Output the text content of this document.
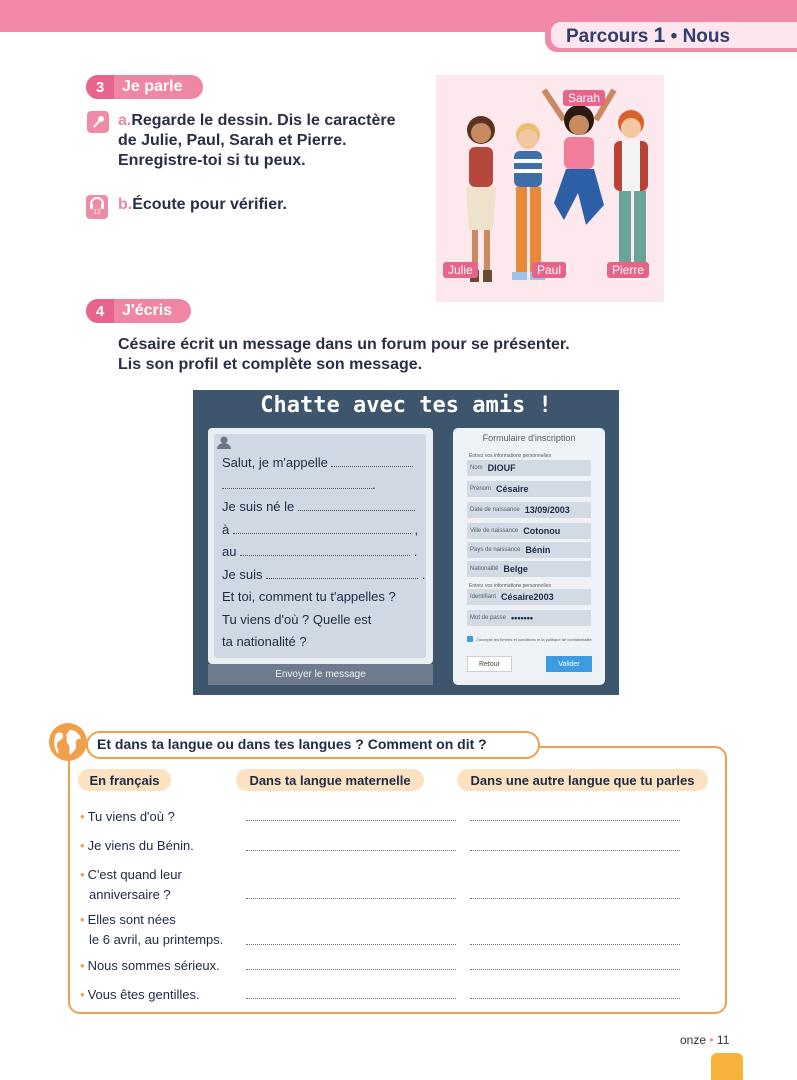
Parcours 1 • Nous
3	Je parle
a.Regarde le dessin. Dis le caractère
de Julie, Paul, Sarah et Pierre.
Enregistre-toi si tu peux.
12 b.Écoute pour vérifier.
Sarah
Julie	Paul	Pierre
4	J'écris
Césaire écrit un message dans un forum pour se présenter.
Lis son profil et complète son message.
Chatte avec tes amis !
Salut, je m'appelle
.
Je suis né le
à	,
au	.
Je suis	.
Et toi, comment tu t'appelles ?
Tu viens d'où ? Quelle est
ta nationalité ?
Envoyer le message
Formulaire d'inscription
Entrez vos informations personnelles
Nom DIOUF
Prénom Césaire
Date de naissance 13/09/2003
Ville de naissance Cotonou
Pays de naissance Bénin
Nationalité Belge
Entrez vos informations personnelles
Identifiant Césaire2003
Mot de passe •••••••
J'accepte les termes et conditions et la politique de confidentialité
Retour	Valider
Et dans ta langue ou dans tes langues ? Comment on dit ?
En français	Dans ta langue maternelle	Dans une autre langue que tu parles
• Tu viens d'où ?
• Je viens du Bénin.
• C'est quand leur
anniversaire ?
• Elles sont nées
le 6 avril, au printemps.
• Nous sommes sérieux.
• Vous êtes gentilles.
onze • 11
